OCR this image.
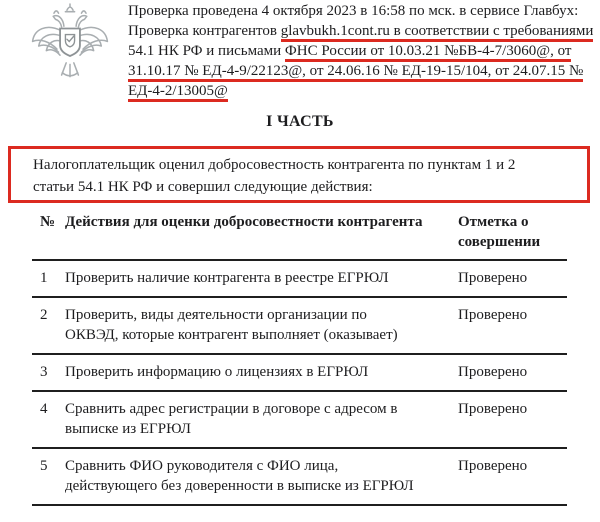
Проверка проведена 4 октября 2023 в 16:58 по мск. в сервисе Главбух:
Проверка контрагентов glavbukh.1cont.ru в соответствии с требованиями
54.1 НК РФ и письмами ФНС России от 10.03.21 №БВ-4-7/3060@, от
31.10.17 № ЕД-4-9/22123@, от 24.06.16 № ЕД-19-15/104, от 24.07.15 №
ЕД-4-2/13005@
I ЧАСТЬ
Налогоплательщик оценил добросовестность контрагента по пунктам 1 и 2
статьи 54.1 НК РФ и совершил следующие действия:
№	Действия для оценки добросовестности контрагента	Отметка о совершении
1	Проверить наличие контрагента в реестре ЕГРЮЛ	Проверено
2	Проверить, виды деятельности организации по
ОКВЭД, которые контрагент выполняет (оказывает)	Проверено
3	Проверить информацию о лицензиях в ЕГРЮЛ	Проверено
4	Сравнить адрес регистрации в договоре с адресом в
выписке из ЕГРЮЛ	Проверено
5	Сравнить ФИО руководителя с ФИО лица,
действующего без доверенности в выписке из ЕГРЮЛ	Проверено
